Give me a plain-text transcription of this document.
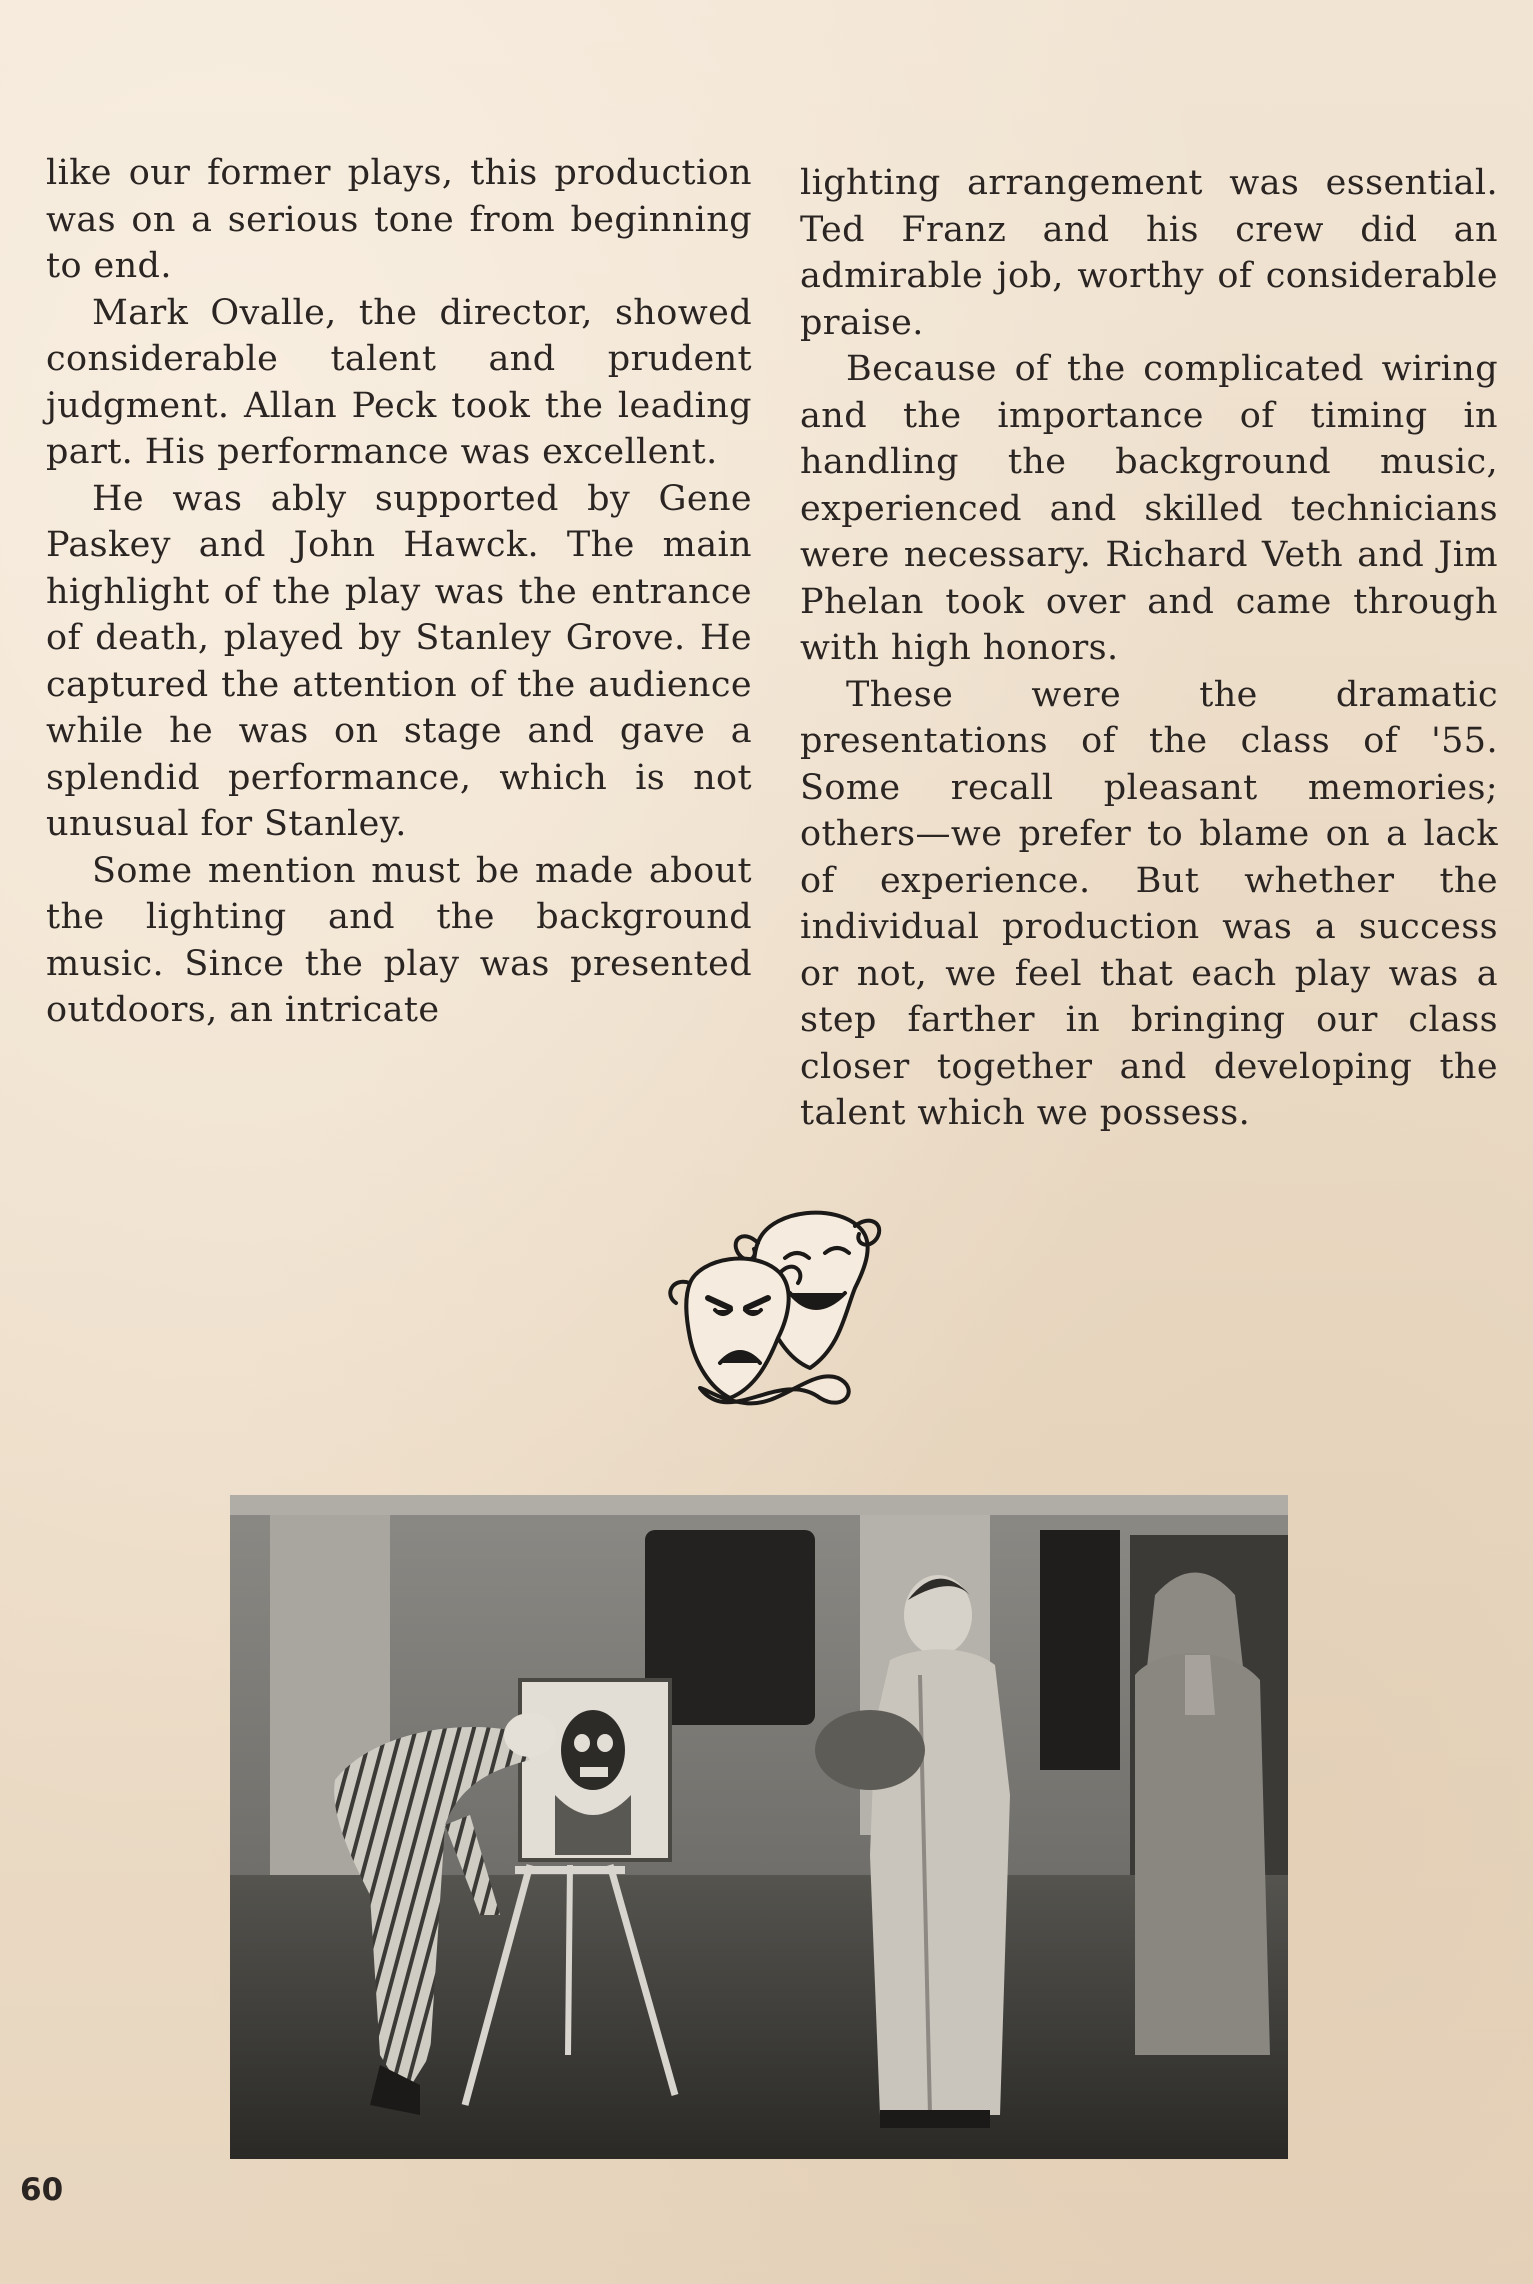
like our former plays, this production was on a serious tone from beginning to end.

Mark Ovalle, the director, showed considerable talent and prudent judgment. Allan Peck took the leading part. His performance was excellent.

He was ably supported by Gene Paskey and John Hawck. The main highlight of the play was the entrance of death, played by Stanley Grove. He captured the attention of the audience while he was on stage and gave a splendid performance, which is not unusual for Stanley.

Some mention must be made about the lighting and the background music. Since the play was presented outdoors, an intricate

lighting arrangement was essential. Ted Franz and his crew did an admirable job, worthy of considerable praise.

Because of the complicated wiring and the importance of timing in handling the background music, experienced and skilled technicians were necessary. Richard Veth and Jim Phelan took over and came through with high honors.

These were the dramatic presentations of the class of '55. Some recall pleasant memories; others—we prefer to blame on a lack of experience. But whether the individual production was a success or not, we feel that each play was a step farther in bringing our class closer together and developing the talent which we possess.

60
